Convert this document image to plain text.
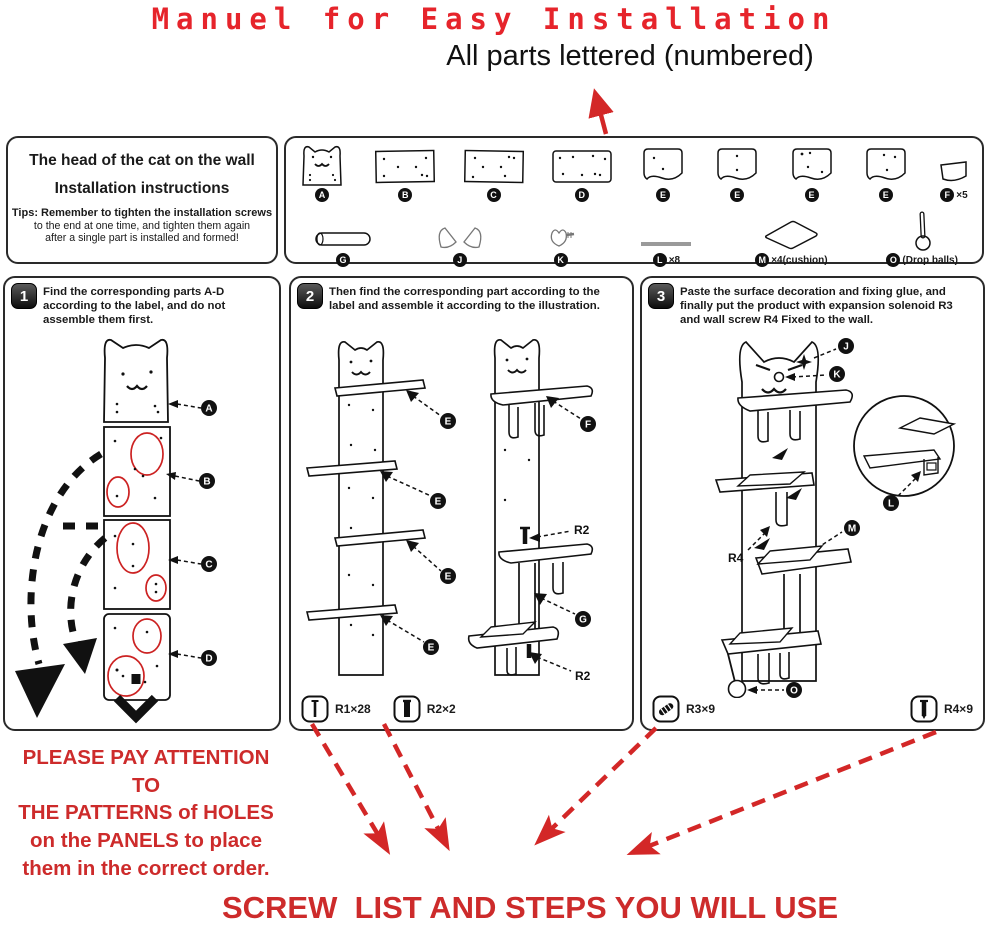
Manuel for Easy Installation
All parts lettered (numbered)
The head of the cat on the wall
Installation instructions
Tips: Remember to tighten the installation screws
to the end at one time, and tighten them again
after a single part is installed and formed!
A	B	C	D	E	E	E	E	F ×5
G	J	K	L ×8	M ×4(cushion)	O (Drop balls)
1	Find the corresponding parts A-D according to the label, and do not assemble them first.
A
B
C
D
2	Then find the corresponding part according to the label and assemble it according to the illustration.
E
E
E
E
F
R2
G
R2
R1×28	R2×2
3	Paste the surface decoration and fixing glue, and finally put the product with expansion solenoid R3 and wall screw R4 Fixed to the wall.
J
K
M
R4
O
L
R3×9	R4×9
PLEASE PAY ATTENTION TO
THE PATTERNS of HOLES
on the PANELS to place
them in the correct order.
SCREW  LIST AND STEPS YOU WILL USE
